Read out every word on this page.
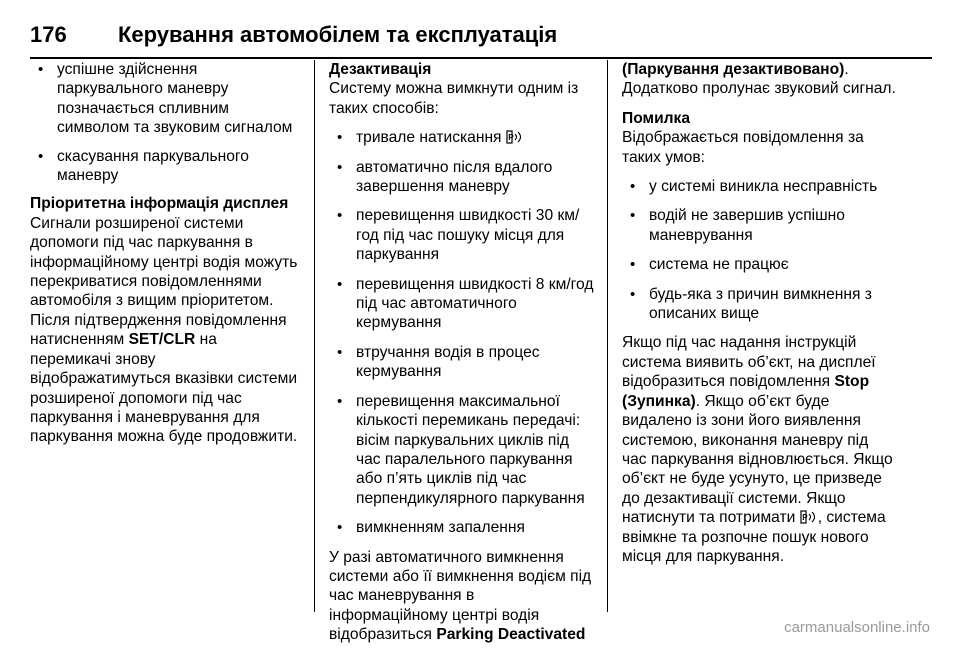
176 Керування автомобілем та експлуатація
• успішне здійснення паркувального маневру позначається спливним символом та звуковим сигналом
• скасування паркувального маневру
Пріоритетна інформація дисплея

Сигнали розширеної системи допомоги під час паркування в інформаційному центрі водія можуть перекриватися повідомленнями автомобіля з вищим пріоритетом. Після підтвердження повідомлення натисненням SET/CLR на перемикачі знову відображатимуться вказівки системи розширеної допомоги під час паркування і маневрування для паркування можна буде продовжити.

Дезактивація

Систему можна вимкнути одним із таких способів:

• тривале натискання P
• автоматично після вдалого завершення маневру
• перевищення швидкості 30 км/год під час пошуку місця для паркування
• перевищення швидкості 8 км/год під час автоматичного кермування
• втручання водія в процес кермування
• перевищення максимальної кількості перемикань передачі: вісім паркувальних циклів під час паралельного паркування або п’ять циклів під час перпендикулярного паркування
• вимкненням запалення

У разі автоматичного вимкнення системи або її вимкнення водієм під час маневрування в інформаційному центрі водія відобразиться Parking Deactivated

(Паркування дезактивовано). Додатково пролунає звуковий сигнал.

Помилка

Відображається повідомлення за таких умов:

• у системі виникла несправність
• водій не завершив успішно маневрування
• система не працює
• будь-яка з причин вимкнення з описаних вище

Якщо під час надання інструкцій система виявить об’єкт, на дисплеї відобразиться повідомлення Stop (Зупинка). Якщо об’єкт буде видалено із зони його виявлення системою, виконання маневру під час паркування відновлюється. Якщо об’єкт не буде усунуто, це призведе до дезактивації системи. Якщо натиснути та потримати P , система ввімкне та розпочне пошук нового місця для паркування.

carmanualsonline.info
